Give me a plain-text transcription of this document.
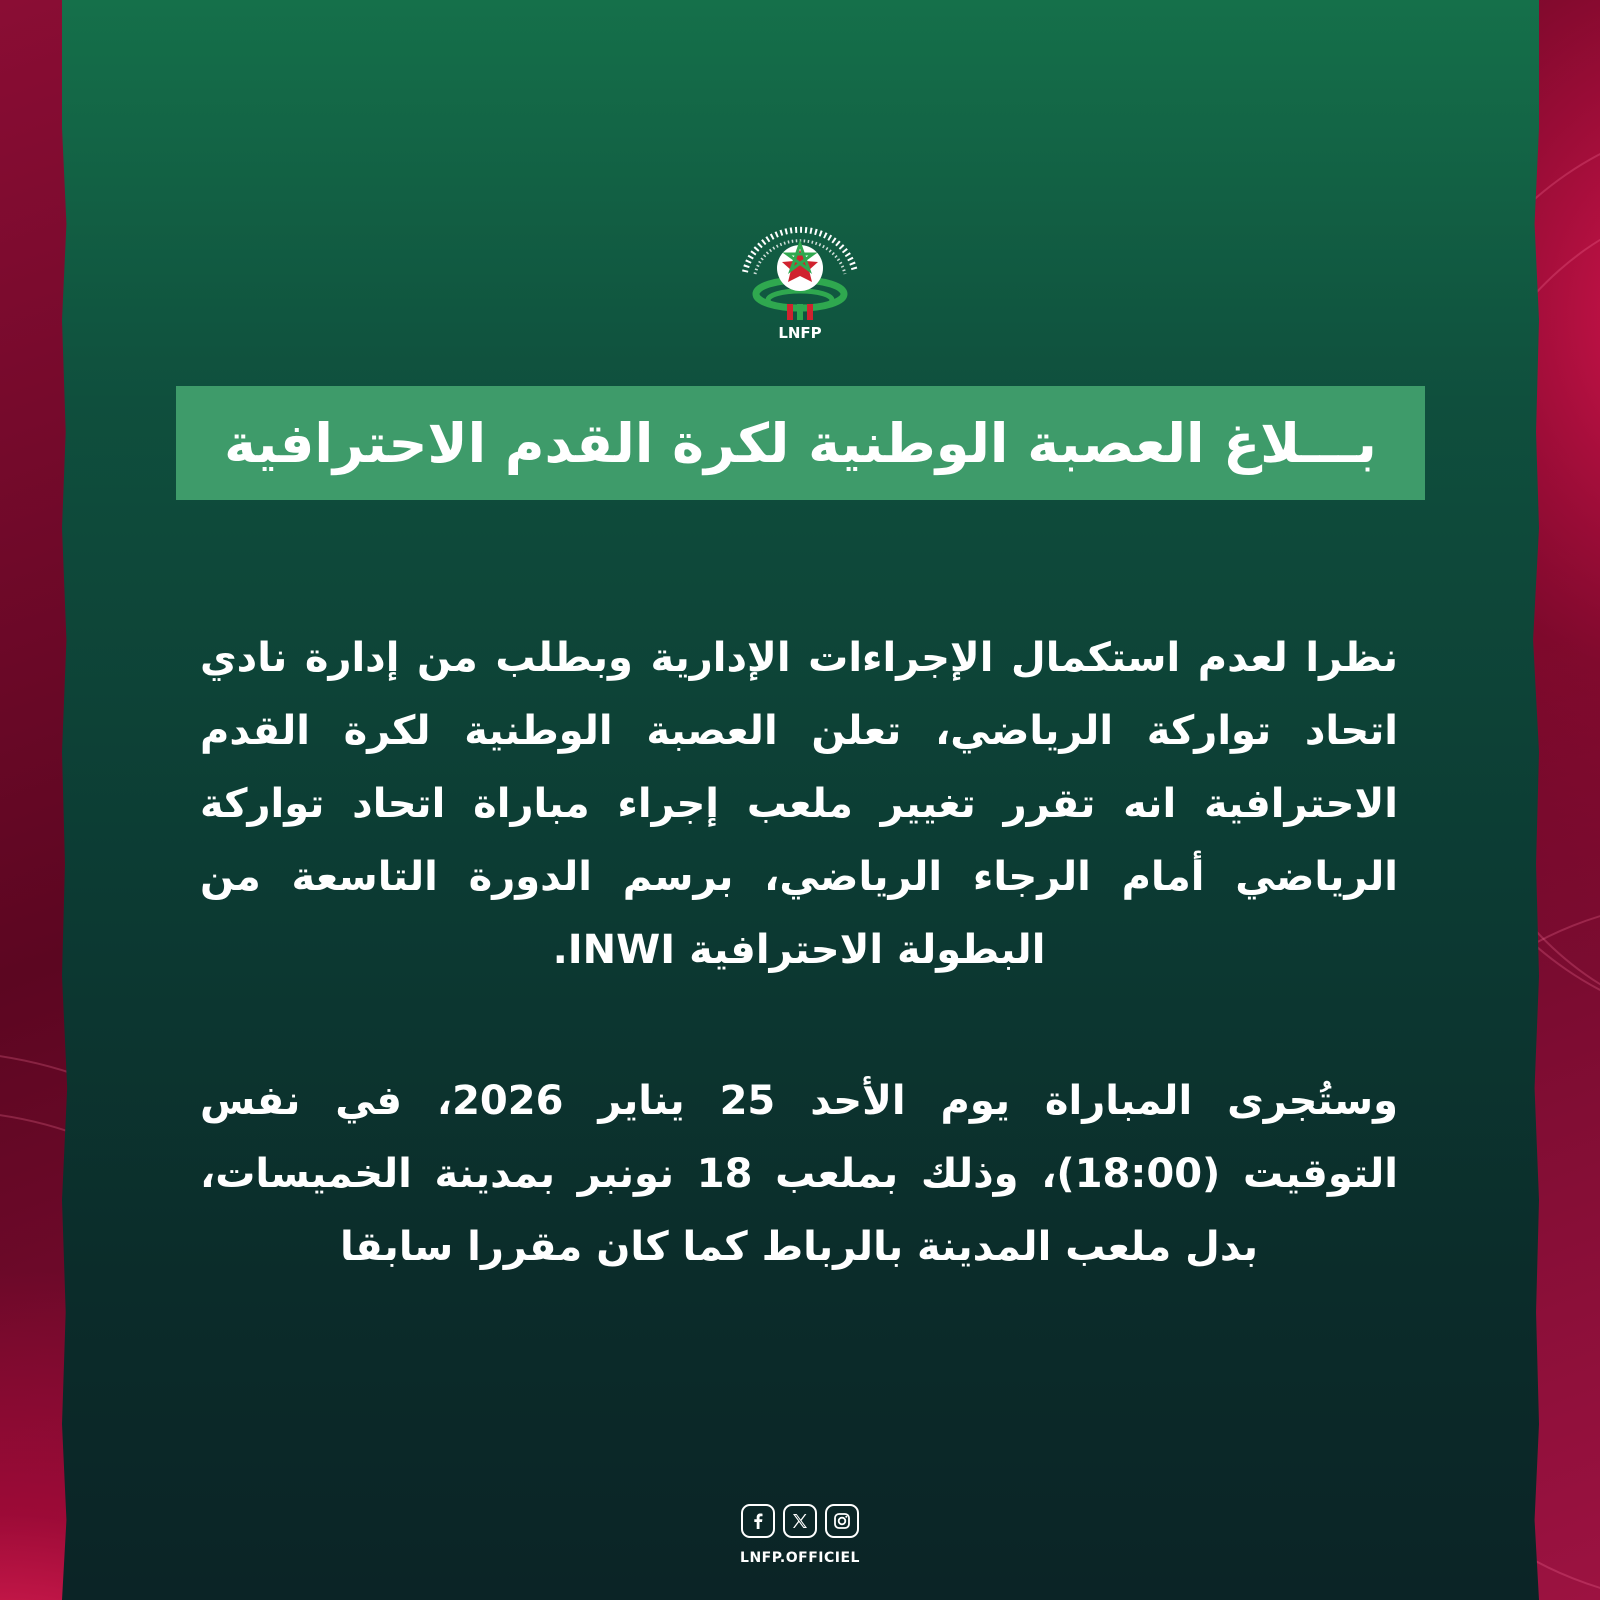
LNFP
بـــلاغ العصبة الوطنية لكرة القدم الاحترافية
نظرا لعدم استكمال الإجراءات الإدارية وبطلب من إدارة نادي اتحاد تواركة الرياضي، تعلن العصبة الوطنية لكرة القدم الاحترافية انه تقرر تغيير ملعب إجراء مباراة اتحاد تواركة الرياضي أمام الرجاء الرياضي، برسم الدورة التاسعة من البطولة الاحترافية INWI.
وستُجرى المباراة يوم الأحد 25 يناير 2026، في نفس التوقيت (18:00)، وذلك بملعب 18 نونبر بمدينة الخميسات، بدل ملعب المدينة بالرباط كما كان مقررا سابقا
LNFP.OFFICIEL
